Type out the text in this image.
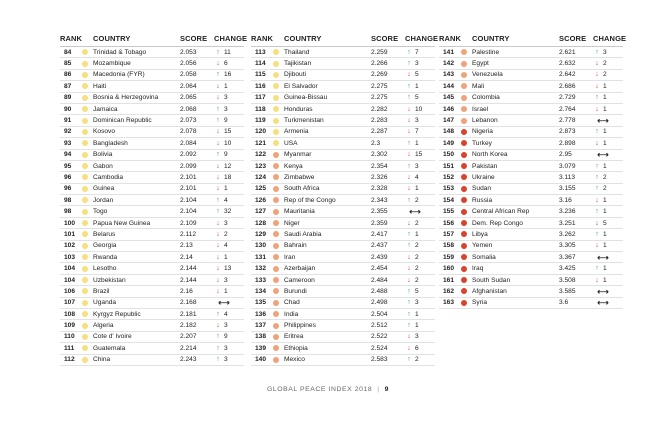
RANK COUNTRY	SCORE CHANGE
84	Trinidad & Tobago	2.053	↑ 11
85	Mozambique	2.056	↓ 6
86	Macedonia (FYR)	2.058	↑ 16
87	Haiti	2.064	↓ 1
89	Bosnia & Herzegovina	2.065	↓ 3
90	Jamaica	2.068	↑ 3
91	Dominican Republic	2.073	↑ 9
92	Kosovo	2.078	↓ 15
93	Bangladesh	2.084	↓ 10
94	Bolivia	2.092	↑ 9
95	Gabon	2.099	↓ 12
96	Cambodia	2.101	↓ 18
96	Guinea	2.101	↓ 1
98	Jordan	2.104	↑ 4
98	Togo	2.104	↑ 32
100	Papua New Guinea	2.109	↓ 3
101	Belarus	2.112	↓ 2
102	Georgia	2.13	↓ 4
103	Rwanda	2.14	↓ 1
104	Lesotho	2.144	↓ 13
104	Uzbekistan	2.144	↓ 3
106	Brazil	2.16	↓ 1
107	Uganda	2.168	⟷
108	Kyrgyz Republic	2.181	↑ 4
109	Algeria	2.182	↓ 3
110	Cote d' Ivoire	2.207	↑ 9
111	Guatemala	2.214	↑ 3
112	China	2.243	↑ 3
RANK COUNTRY	SCORE CHANGE
113	Thailand	2.259	↑ 7
114	Tajikistan	2.266	↑ 3
115	Djibouti	2.269	↓ 5
116	El Salvador	2.275	↑ 1
117	Guinea-Bissau	2.275	↑ 5
118	Honduras	2.282	↓ 10
119	Turkmenistan	2.283	↓ 3
120	Armenia	2.287	↓ 7
121	USA	2.3	↑ 1
122	Myanmar	2.302	↓ 15
123	Kenya	2.354	↑ 3
124	Zimbabwe	2.326	↓ 4
125	South Africa	2.328	↓ 1
126	Rep of the Congo	2.343	↑ 2
127	Mauritania	2.355	⟷
128	Niger	2.359	↓ 2
129	Saudi Arabia	2.417	↑ 1
130	Bahrain	2.437	↑ 2
131	Iran	2.439	↓ 2
132	Azerbaijan	2.454	↓ 2
133	Cameroon	2.484	↓ 2
134	Burundi	2.488	↑ 5
135	Chad	2.498	↑ 3
136	India	2.504	↑ 1
137	Philippines	2.512	↑ 1
138	Eritrea	2.522	↓ 3
139	Ethiopia	2.524	↓ 6
140	Mexico	2.583	↑ 2
RANK COUNTRY	SCORE CHANGE
141	Palestine	2.621	↑ 3
142	Egypt	2.632	↓ 2
143	Venezuela	2.642	↓ 2
144	Mali	2.686	↓ 1
145	Colombia	2.729	↑ 1
146	Israel	2.764	↓ 1
147	Lebanon	2.778	⟷
148	Nigeria	2.873	↑ 1
149	Turkey	2.898	↓ 1
150	North Korea	2.95	⟷
151	Pakistan	3.079	↑ 1
152	Ukraine	3.113	↑ 2
153	Sudan	3.155	↑ 2
154	Russia	3.16	↓ 1
155	Central African Rep	3.236	↑ 1
156	Dem. Rep Congo	3.251	↓ 5
157	Libya	3.262	↑ 1
158	Yemen	3.305	↓ 1
159	Somalia	3.367	⟷
160	Iraq	3.425	↑ 1
161	South Sudan	3.508	↓ 1
162	Afghanistan	3.585	⟷
163	Syria	3.6	⟷
GLOBAL PEACE INDEX 2018 | 9
